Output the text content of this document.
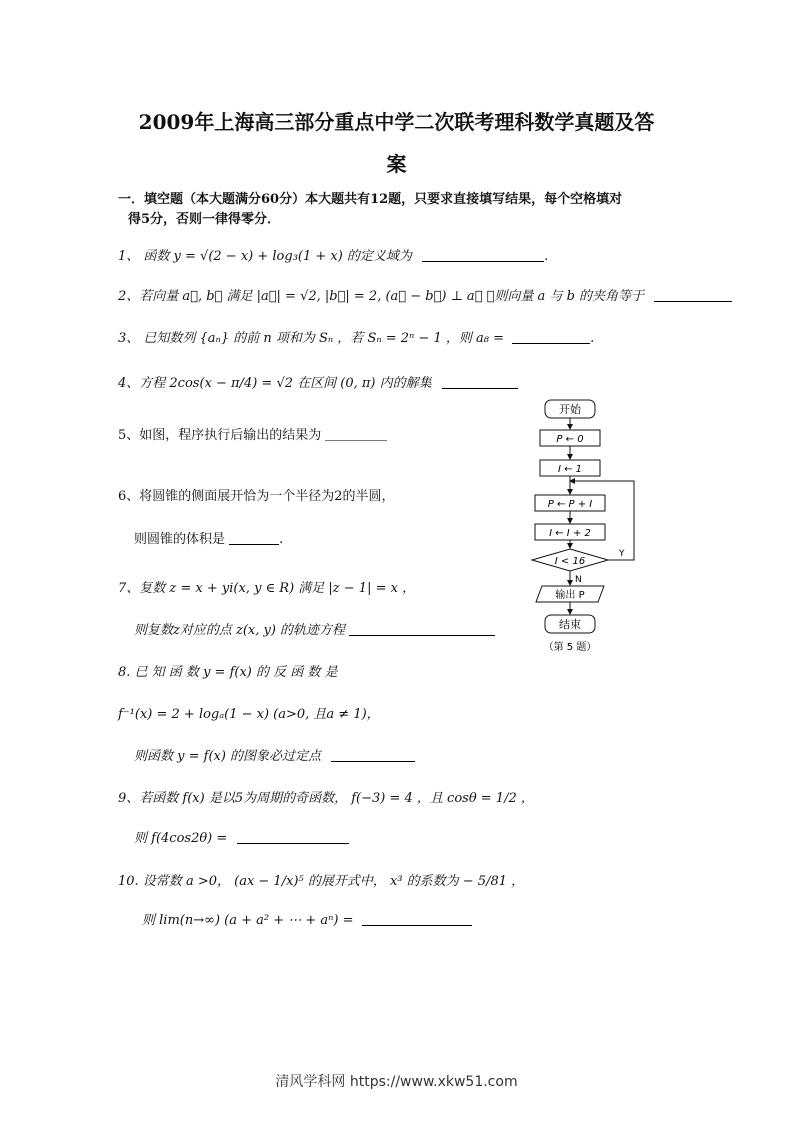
2009年上海高三部分重点中学二次联考理科数学真题及答
案
一．填空题（本大题满分60分）本大题共有12题，只要求直接填写结果，每个空格填对
得5分，否则一律得零分．
1、 函数 y = √(2 − x) + log₃(1 + x) 的定义域为	.
2、若向量 a⃗, b⃗ 满足 |a⃗| = √2, |b⃗| = 2, (a⃗ − b⃗) ⊥ a⃗ ，则向量 a 与 b 的夹角等于
3、 已知数列 {aₙ} 的前 n 项和为 Sₙ ，若 Sₙ = 2ⁿ − 1 ，则 a₈ =	.
4、方程 2cos(x − π/4) = √2 在区间 (0, π) 内的解集
5、如图，程序执行后输出的结果为
6、将圆锥的侧面展开恰为一个半径为2的半圆，
则圆锥的体积是	.
7、复数 z = x + yi(x, y ∈ R) 满足 |z − 1| = x ，
则复数z对应的点 z(x, y) 的轨迹方程
8. 已 知 函 数 y = f(x) 的 反 函 数 是
f⁻¹(x) = 2 + logₐ(1 − x) (a>0, 且a ≠ 1)，
则函数 y = f(x) 的图象必过定点
9、若函数 f(x) 是以5为周期的奇函数， f(−3) = 4 ，且 cosθ = 1/2 ，
则 f(4cos2θ) =
10. 设常数 a >0， (ax − 1/x)⁵ 的展开式中， x³ 的系数为 − 5/81 ，
则 lim(n→∞) (a + a² + ⋯ + aⁿ) =
开始
P ← 0
I ← 1
P ← P + I
I ← I + 2
I < 16
Y
N
输出 P
结束
（第 5 题）
清风学科网 https://www.xkw51.com
